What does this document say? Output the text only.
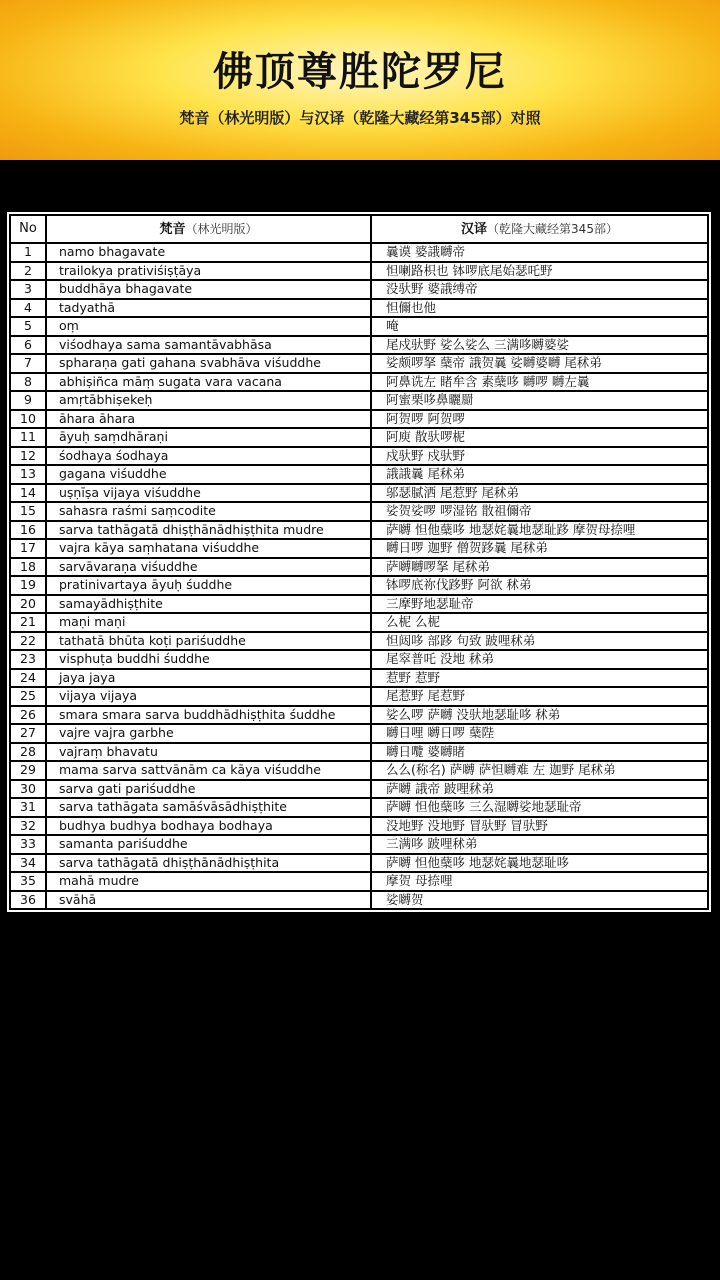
佛顶尊胜陀罗尼
梵音（林光明版）与汉译（乾隆大藏经第345部）对照
No	梵音（林光明版）	汉译（乾隆大藏经第345部）
1	namo bhagavate	曩谟 婆誐嚩帝
2	trailokya prativiśiṣṭāya	怛喇路枳也 钵啰底尾始瑟吒野
3	buddhāya bhagavate	没驮野 婆誐缚帝
4	tadyathā	怛儞也他
5	oṃ	唵
6	viśodhaya sama samantāvabhāsa	尾戍驮野 娑么娑么 三满哆嚩婆娑
7	spharaṇa gati gahana svabhāva viśuddhe	娑颇啰拏 蘖帝 誐贺曩 娑嚩婆嚩 尾秫弟
8	abhiṣiñca māṃ sugata vara vacana	阿鼻诜左 睹牟含 素蘖哆 嚩啰 嚩左曩
9	amṛtābhiṣekeḥ	阿蜜栗哆鼻曬罽
10	āhara āhara	阿贺啰 阿贺啰
11	āyuḥ saṃdhāraṇi	阿庾 散驮啰柅
12	śodhaya śodhaya	戍驮野 戍驮野
13	gagana viśuddhe	誐誐曩 尾秫弟
14	uṣṇīṣa vijaya viśuddhe	邬瑟腻洒 尾惹野 尾秫弟
15	sahasra raśmi saṃcodite	娑贺娑啰 啰湿铭 散祖儞帝
16	sarva tathāgatā dhiṣṭhānādhiṣṭhita mudre	萨嚩 怛他蘖哆 地瑟姹曩地瑟耻跢 摩贺母捺哩
17	vajra kāya saṃhatana viśuddhe	嚩日啰 迦野 僧贺跢曩 尾秫弟
18	sarvāvaraṇa viśuddhe	萨嚩嚩啰拏 尾秫弟
19	pratinivartaya āyuḥ śuddhe	钵啰底祢伐跢野 阿欲 秫弟
20	samayādhiṣṭhite	三摩野地瑟耻帝
21	maṇi maṇi	么柅 么柅
22	tathatā bhūta koṭi pariśuddhe	怛闼哆 部跢 句致 跛哩秫弟
23	visphuṭa buddhi śuddhe	尾窣普吒 没地 秫弟
24	jaya jaya	惹野 惹野
25	vijaya vijaya	尾惹野 尾惹野
26	smara smara sarva buddhādhiṣṭhita śuddhe	娑么啰 萨嚩 没驮地瑟耻哆 秫弟
27	vajre vajra garbhe	嚩日哩 嚩日啰 蘖陛
28	vajraṃ bhavatu	嚩日囕 婆嚩睹
29	mama sarva sattvānām ca kāya viśuddhe	么么(称名) 萨嚩 萨怛嚩难 左 迦野 尾秫弟
30	sarva gati pariśuddhe	萨嚩 誐帝 跛哩秫弟
31	sarva tathāgata samāśvāsādhiṣṭhite	萨嚩 怛他蘖哆 三么湿嚩娑地瑟耻帝
32	budhya budhya bodhaya bodhaya	没地野 没地野 冒驮野 冒驮野
33	samanta pariśuddhe	三满哆 跛哩秫弟
34	sarva tathāgatā dhiṣṭhānādhiṣṭhita	萨嚩 怛他蘖哆 地瑟姹曩地瑟耻哆
35	mahā mudre	摩贺 母捺哩
36	svāhā	娑嚩贺
